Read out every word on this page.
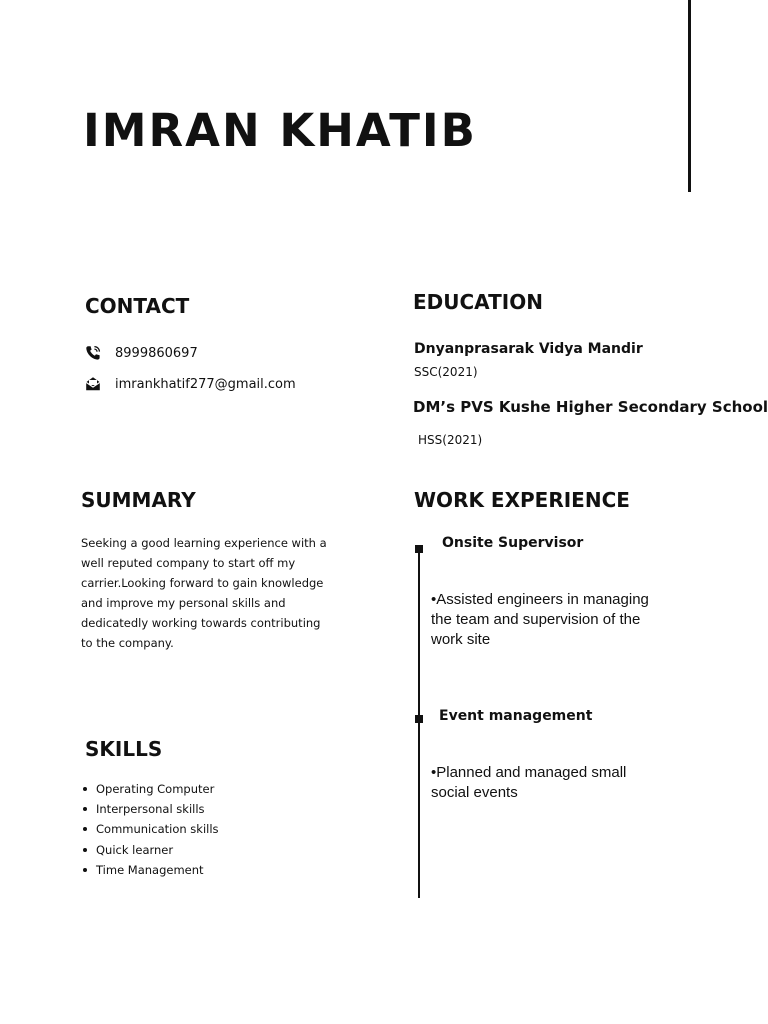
IMRAN KHATIB
CONTACT
8999860697
imrankhatif277@gmail.com
EDUCATION
Dnyanprasarak Vidya Mandir
SSC(2021)
DM’s PVS Kushe Higher Secondary School
HSS(2021)
SUMMARY
Seeking a good learning experience with a
well reputed company to start off my
carrier.Looking forward to gain knowledge
and improve my personal skills and
dedicatedly working towards contributing
to the company.
WORK EXPERIENCE
Onsite Supervisor
•Assisted engineers in managing
the team and supervision of the
work site
Event management
•Planned and managed small
social events
SKILLS
Operating Computer
Interpersonal skills
Communication skills
Quick learner
Time Management
